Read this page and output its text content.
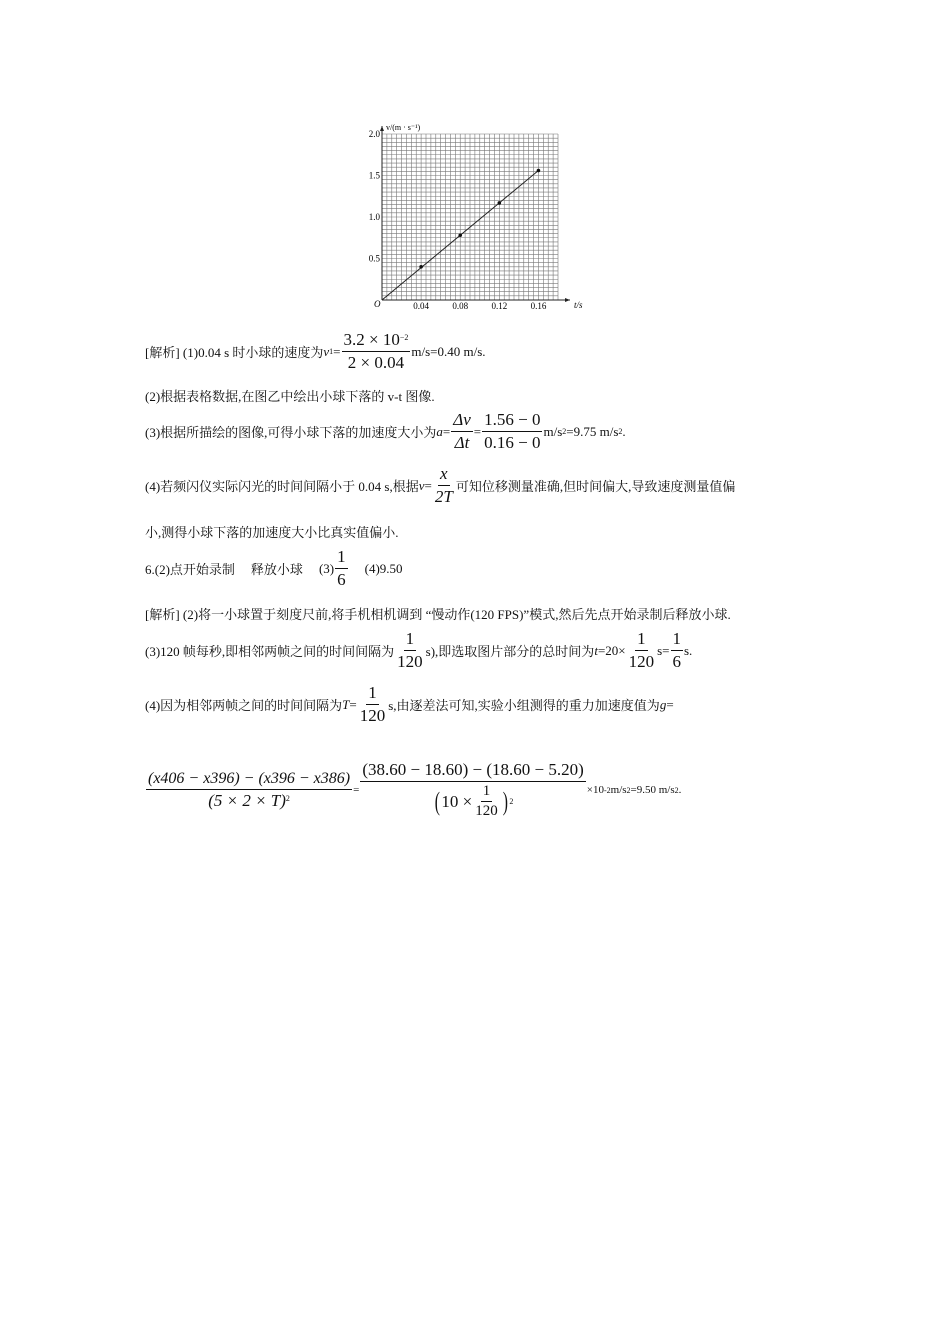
0.04	0.08	0.12	0.16
0.5
1.0
1.5
2.0
v/(m · s⁻¹)
t/s
O
[解析] (1)0.04 s 时小球的速度为 v $1 = \frac{3.2 \times 10^{-2}}{2 \times 0.04} m/s=0.40$ m/s.
(2)根据表格数据,在图乙中绘出小球下落的 v-t 图像.
(3)根据所描绘的图像,可得小球下落的加速度大小为 $a = \frac{\Delta v}{\Delta t} = \frac{1.56 - 0}{0.16 - 0} m/s$ 2 =9.75 m/s 2 .
(4)若频闪仪实际闪光的时间间隔小于 0.04 s,根据 $v = \frac{x}{2T}$ 可知位移测量准确,但时间偏大,导致速度测量值偏
小,测得小球下落的加速度大小比真实值偏小.
6.(2)点开始录制 释放小球 $(3) \frac{1}{6} (4)9.50$
[解析] (2)将一小球置于刻度尺前,将手机相机调到 “慢动作(120 FPS)”模式,然后先点开始录制后释放小球.
(3)120 帧每秒,即相邻两帧之间的时间间隔为 $\frac{1}{120} s$),即选取图片部分的总时间为 $t =20\times \frac{1}{120} s= \frac{1}{6} s$.
(4)因为相邻两帧之间的时间间隔为 $T = \frac{1}{120} s$,由逐差法可知,实验小组测得的重力加速度值为 g =
$\frac{(x406 - x396) - (x396 - x386)}{(5 \times 2 \times T)^2} = \frac{(38.60 - 18.60) - (18.60 - 5.20)}{( 10 \times \frac{1}{120} ) 2} \times 10$ -2 m/s 2 =9.50 m/s 2 .
